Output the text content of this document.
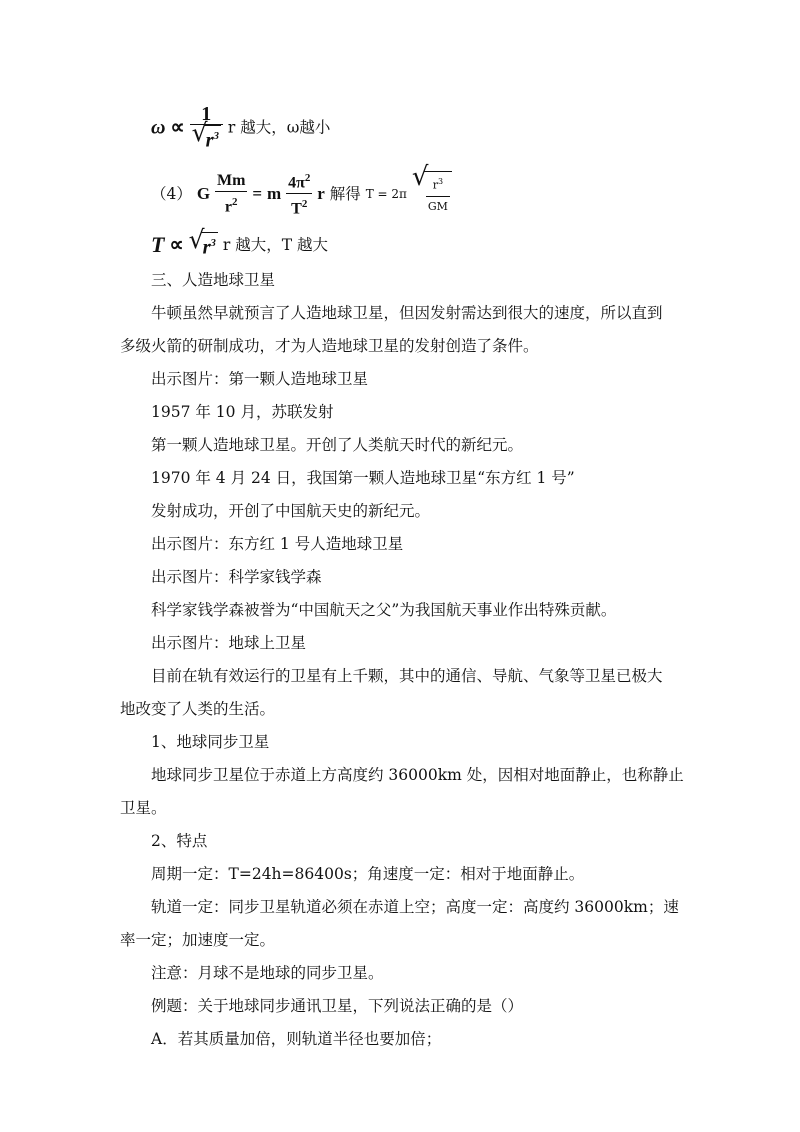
ω ∝ 1
√
$r^3$ r 越大，ω越小
（4） G $\frac{Mm}{r^2} = m \frac{4\pi^2}{T^2}$ r 解得 T = 2π
√
$\frac{r^3}{GM}$
T ∝ √
$r^3$ r 越大，T 越大
三、人造地球卫星
牛顿虽然早就预言了人造地球卫星，但因发射需达到很大的速度，所以直到
多级火箭的研制成功，才为人造地球卫星的发射创造了条件。
出示图片：第一颗人造地球卫星
1957 年 10 月，苏联发射
第一颗人造地球卫星。开创了人类航天时代的新纪元。
1970 年 4 月 24 日，我国第一颗人造地球卫星“东方红 1 号”
发射成功，开创了中国航天史的新纪元。
出示图片：东方红 1 号人造地球卫星
出示图片：科学家钱学森
科学家钱学森被誉为“中国航天之父”为我国航天事业作出特殊贡献。
出示图片：地球上卫星
目前在轨有效运行的卫星有上千颗，其中的通信、导航、气象等卫星已极大
地改变了人类的生活。
1、地球同步卫星
地球同步卫星位于赤道上方高度约 36000km 处，因相对地面静止，也称静止
卫星。
2、特点
周期一定：T=24h=86400s；角速度一定：相对于地面静止。
轨道一定：同步卫星轨道必须在赤道上空；高度一定：高度约 36000km；速
率一定；加速度一定。
注意：月球不是地球的同步卫星。
例题：关于地球同步通讯卫星，下列说法正确的是（）
A．若其质量加倍，则轨道半径也要加倍；
